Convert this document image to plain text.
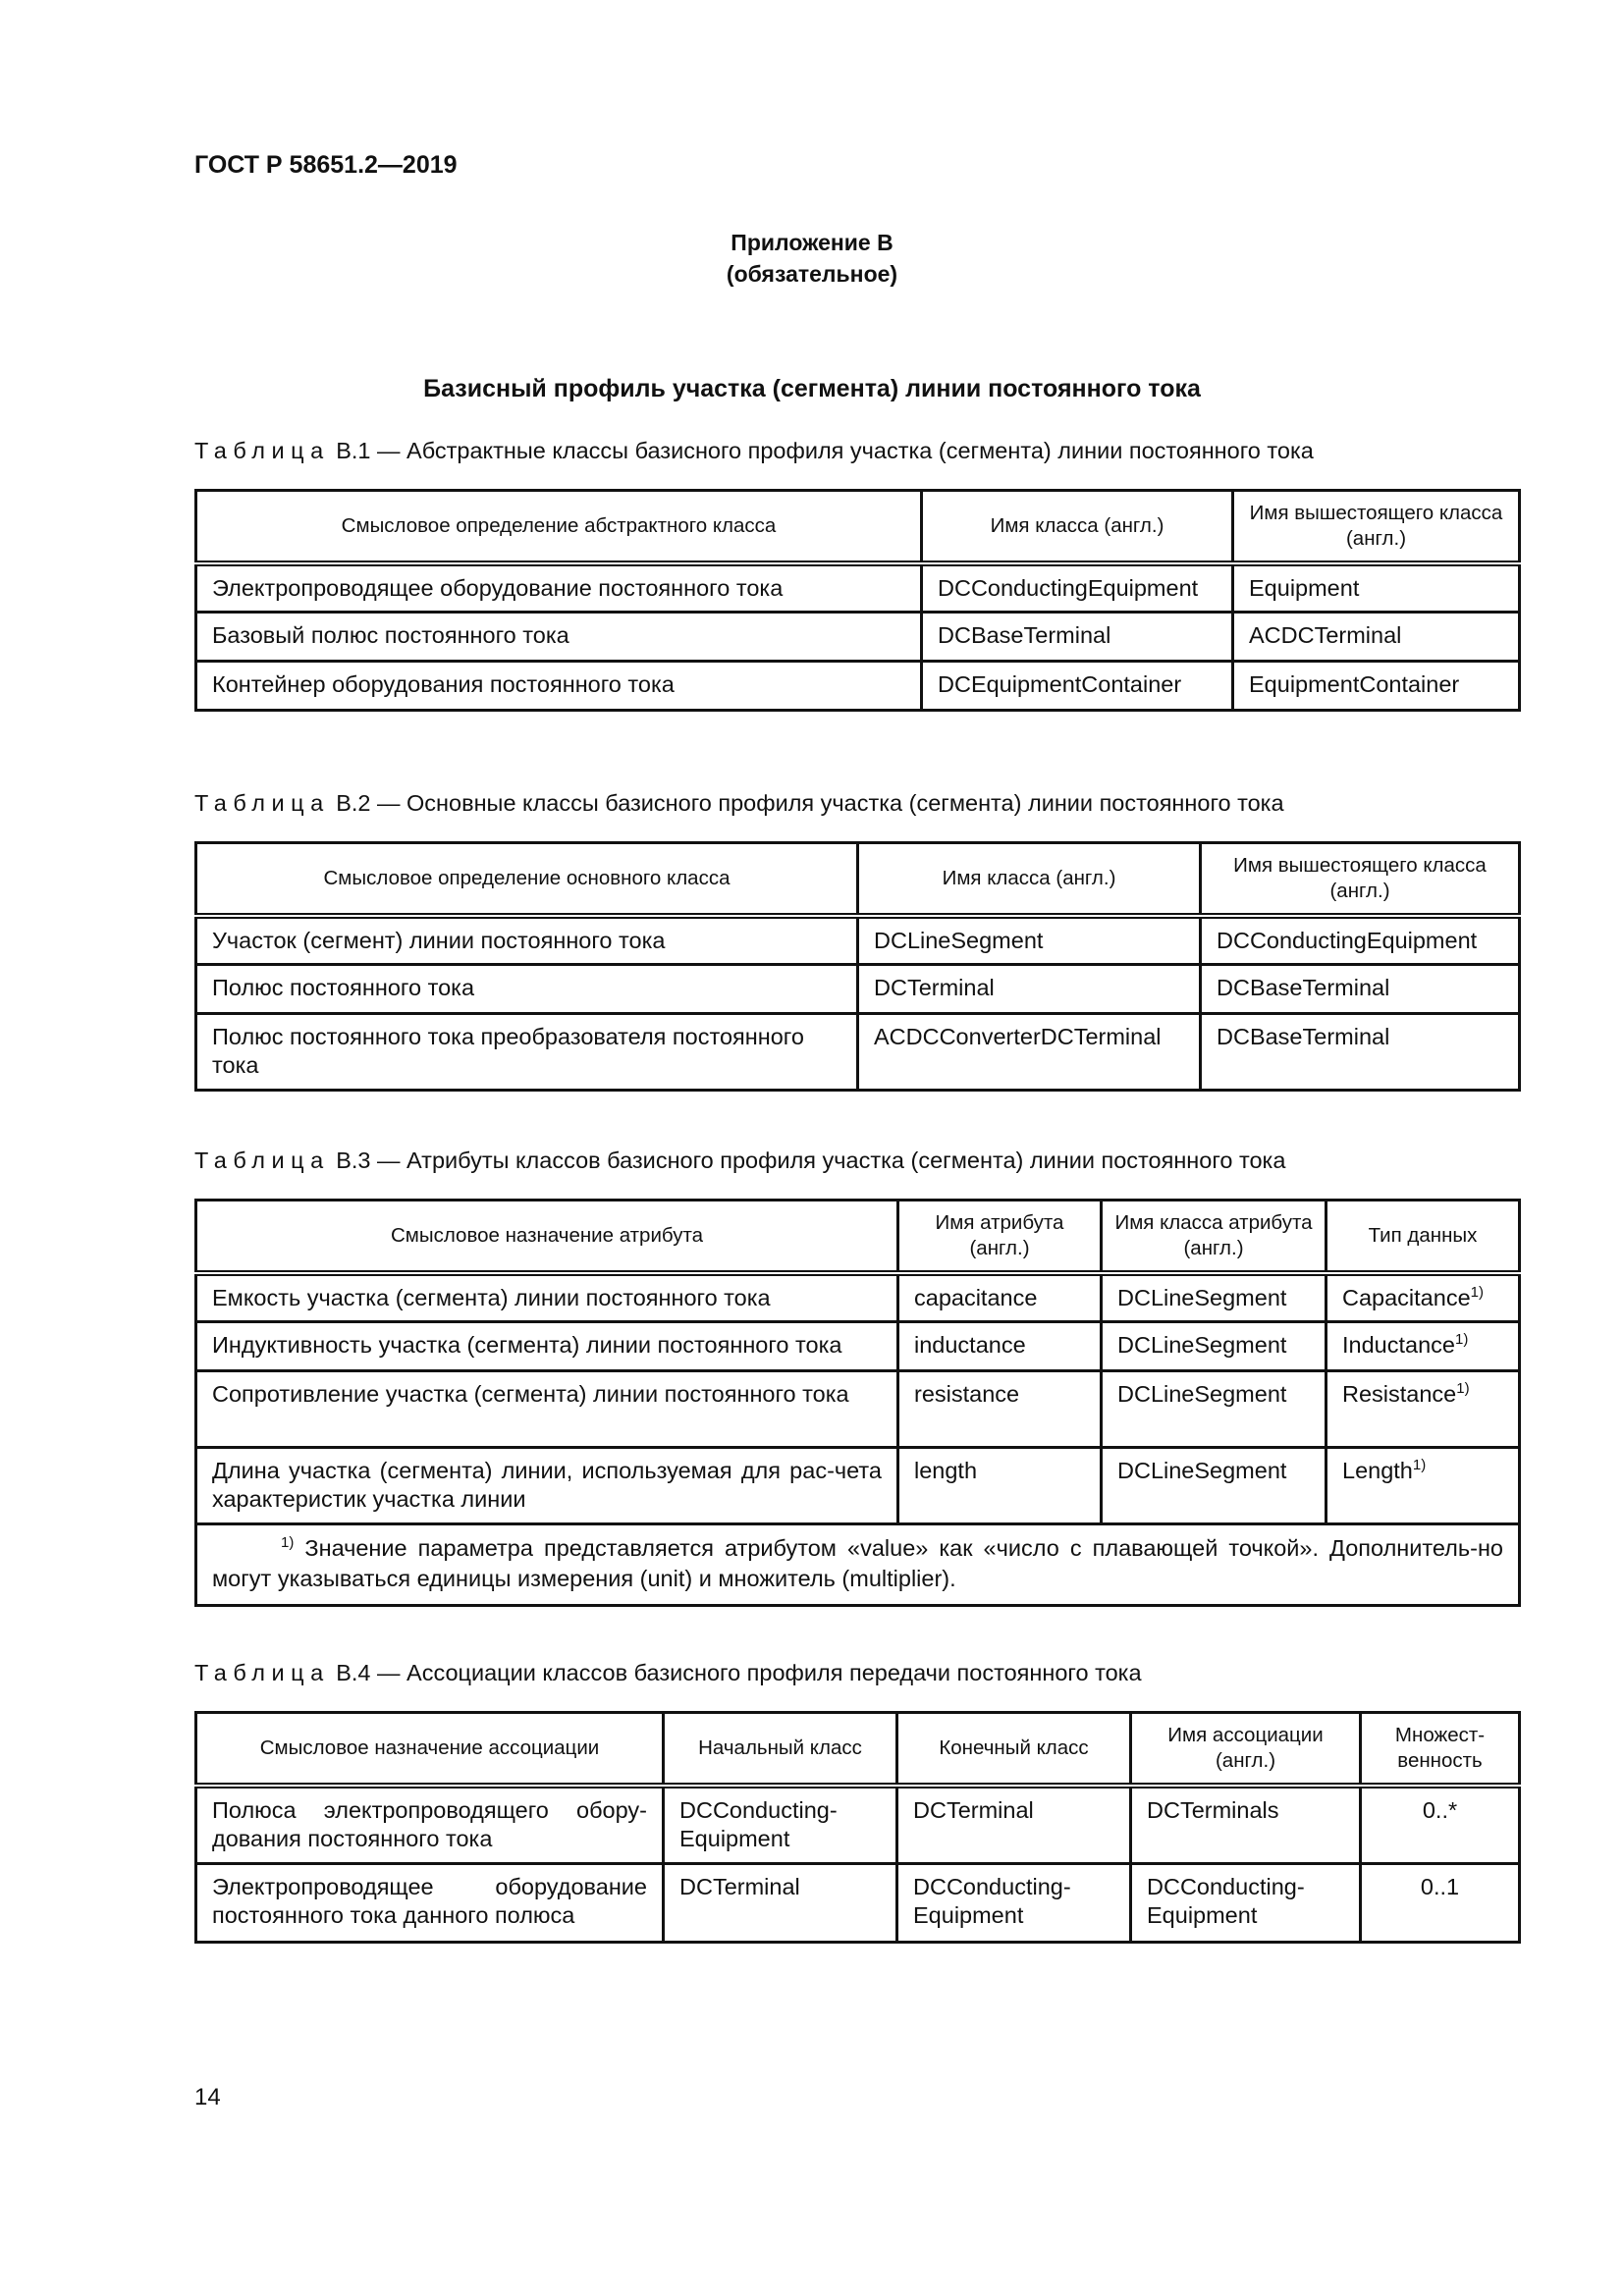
ГОСТ Р 58651.2—2019
Приложение В
(обязательное)
Базисный профиль участка (сегмента) линии постоянного тока
Таблица В.1 — Абстрактные классы базисного профиля участка (сегмента) линии постоянного тока
Смысловое определение абстрактного класса	Имя класса (англ.)	Имя вышестоящего класса (англ.)
Электропроводящее оборудование постоянного тока	DCConductingEquipment	Equipment
Базовый полюс постоянного тока	DCBaseTerminal	ACDCTerminal
Контейнер оборудования постоянного тока	DCEquipmentContainer	EquipmentContainer
Таблица В.2 — Основные классы базисного профиля участка (сегмента) линии постоянного тока
Смысловое определение основного класса	Имя класса (англ.)	Имя вышестоящего класса (англ.)
Участок (сегмент) линии постоянного тока	DCLineSegment	DCConductingEquipment
Полюс постоянного тока	DCTerminal	DCBaseTerminal
Полюс постоянного тока преобразователя постоянного тока	ACDCConverterDCTerminal	DCBaseTerminal
Таблица В.3 — Атрибуты классов базисного профиля участка (сегмента) линии постоянного тока
Смысловое назначение атрибута	Имя атрибута (англ.)	Имя класса атрибута (англ.)	Тип данных
Емкость участка (сегмента) линии постоянного тока	capacitance	DCLineSegment	Capacitance$^{1)}$
Индуктивность участка (сегмента) линии постоянного тока	inductance	DCLineSegment	Inductance$^{1)}$
Сопротивление участка (сегмента) линии постоянного тока	resistance	DCLineSegment	Resistance$^{1)}$
Длина участка (сегмента) линии, используемая для рас-чета характеристик участка линии	length	DCLineSegment	Length$^{1)}$
$^{1)}$ Значение параметра представляется атрибутом «value» как «число с плавающей точкой». Дополнитель-но могут указываться единицы измерения (unit) и множитель (multiplier).			
Таблица В.4 — Ассоциации классов базисного профиля передачи постоянного тока
Смысловое назначение ассоциации	Начальный класс	Конечный класс	Имя ассоциации (англ.)	Множест-венность
Полюса электропроводящего обору-дования постоянного тока	DCConducting-Equipment	DCTerminal	DCTerminals	0..*
Электропроводящее оборудование постоянного тока данного полюса	DCTerminal	DCConducting-Equipment	DCConducting-Equipment	0..1
14
